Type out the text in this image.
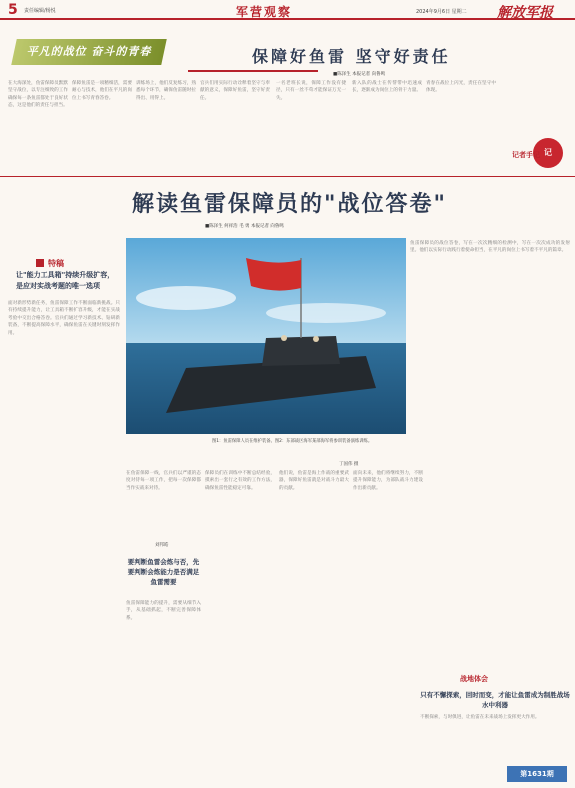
5 责任编辑/杨悦	军营观察	2024年9月6日 星期二 解放军报
平凡的战位 奋斗的青春	保障好鱼雷 坚守好责任
■陈泽生 本报记者 向鲁鸣
在大海深处，鱼雷保障员默默坚守战位，以专注细致的工作确保每一条鱼雷都处于良好状态，这是他们的责任与担当。
保障鱼雷是一项精细活，需要耐心与技术，他们在平凡的岗位上书写青春答卷。
训练场上，他们反复练习，熟悉每个环节，确保鱼雷随时拉得出、用得上。
官兵们用实际行动诠释着坚守与奉献的意义，保障好鱼雷，坚守好责任。
一名老班长说，保障工作没有捷径，只有一丝不苟才能保证万无一失。
新入队的战士在传帮带中迅速成长，逐渐成为岗位上的骨干力量。
青春在战位上闪光，责任在坚守中体现。
记
记者手记
解读鱼雷保障员的"战位答卷"
■陈泽生 何祥浩 毛 勇 本报记者 向鲁鸣
特稿
让"能力工具箱"持续升级扩容，是应对实战考题的唯一选项
面对新形势新任务，鱼雷保障工作不断面临新挑战。只有持续提升能力，让工具箱不断扩容升级，才能在实战考验中交出合格答卷。官兵们通过学习新技术、钻研新装备，不断提高保障水平，确保鱼雷在关键时刻发挥作用。
图1：鱼雷保障人员在维护装备。图2：东部战区海军某部海军将参训装备演练训练。
丁国伟 摄
在鱼雷保障一线，官兵们以严谨的态度对待每一项工作，把每一次保障都当作实战来对待。
刘邦皓
要判断鱼雷会炼与否，先要判断会炼能力是否满足鱼雷需要
鱼雷保障能力的提升，需要从细节入手，从基础抓起，不断完善保障体系。
保障员们在训练中不断总结经验，摸索出一套行之有效的工作方法，确保鱼雷性能稳定可靠。
他们说，鱼雷是海上作战的重要武器，保障好鱼雷就是对战斗力最大的贡献。
面向未来，他们将继续努力，不断提升保障能力，为部队战斗力建设作出新贡献。
鱼雷保障员的战位答卷，写在一次次精细的检测中，写在一次次成功的发射里。他们以实际行动践行着使命担当，在平凡的岗位上书写着不平凡的篇章。
战地体会
只有不懈探索，回时而变，才能让鱼雷成为制胜战场水中利器
不断探索，与时俱进，让鱼雷在未来战场上发挥更大作用。
第1631期
